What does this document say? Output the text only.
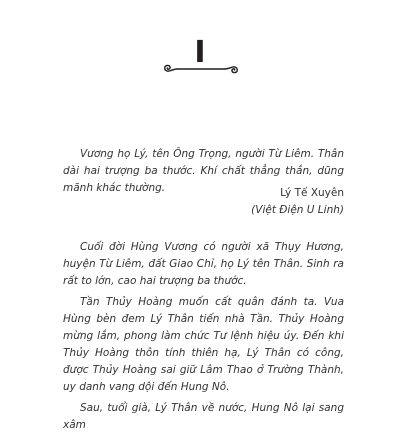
I

Vương họ Lý, tên Ông Trọng, người Từ Liêm. Thân dài hai trượng ba thước. Khí chất thẳng thắn, dũng mãnh khác thường.	Lý Tế Xuyên
(Việt Điện U Linh)

Cuối đời Hùng Vương có người xã Thụy Hương, huyện Từ Liêm, đất Giao Chỉ, họ Lý tên Thân. Sinh ra rất to lớn, cao hai trượng ba thước.

Tần Thủy Hoàng muốn cất quân đánh ta. Vua Hùng bèn đem Lý Thân tiến nhà Tần. Thủy Hoàng mừng lắm, phong làm chức Tư lệnh hiệu úy. Đến khi Thủy Hoàng thôn tính thiên hạ, Lý Thân có công, được Thủy Hoàng sai giữ Lâm Thao ở Trường Thành, uy danh vang dội đến Hung Nô.

Sau, tuổi già, Lý Thân về nước, Hung Nô lại sang xâm
